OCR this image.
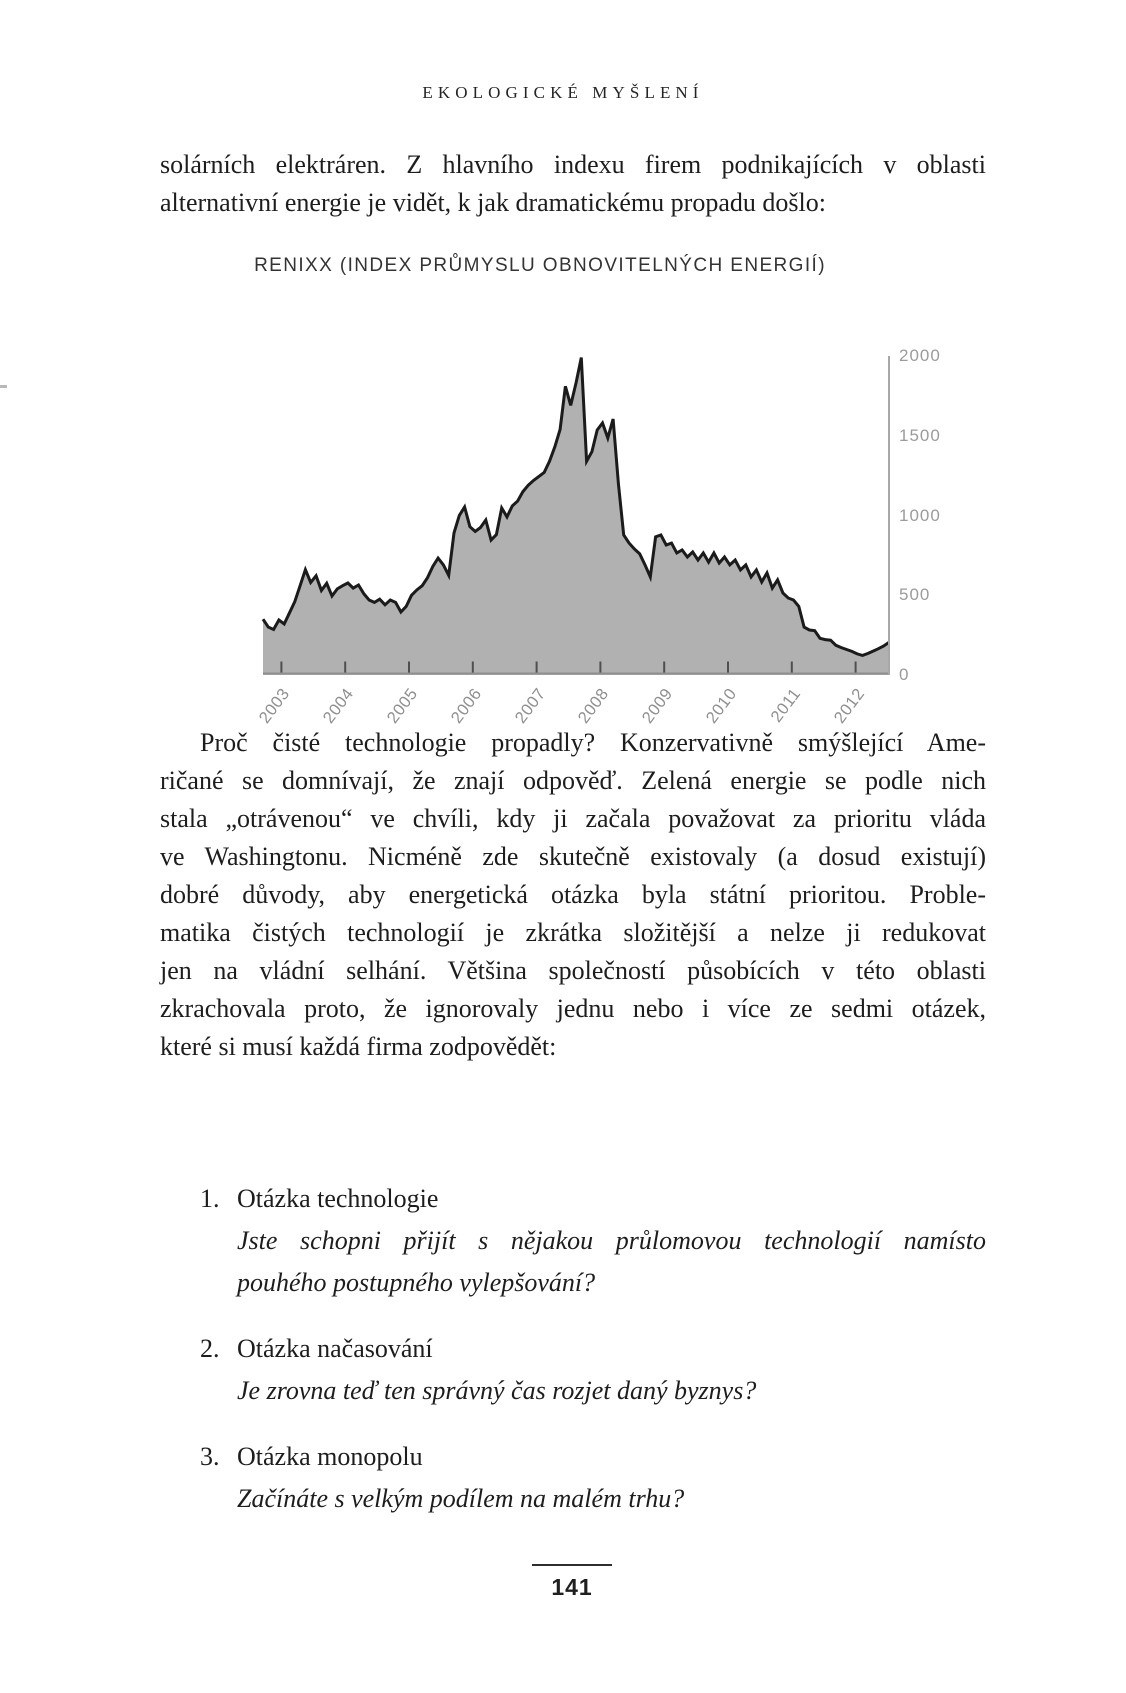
EKOLOGICKÉ MYŠLENÍ
solárních elektráren. Z hlavního indexu firem podnikajících v oblasti
alternativní energie je vidět, k jak dramatickému propadu došlo:
RENIXX (INDEX PRŮMYSLU OBNOVITELNÝCH ENERGIÍ)
2000
1500
1000
500
0
2003	2004	2005	2006	2007	2008	2009	2010	2011	2012
Proč čisté technologie propadly? Konzervativně smýšlející Ame-
ričané se domnívají, že znají odpověď. Zelená energie se podle nich
stala „otrávenou“ ve chvíli, kdy ji začala považovat za prioritu vláda
ve Washingtonu. Nicméně zde skutečně existovaly (a dosud existují)
dobré důvody, aby energetická otázka byla státní prioritou. Proble-
matika čistých technologií je zkrátka složitější a nelze ji redukovat
jen na vládní selhání. Většina společností působících v této oblasti
zkrachovala proto, že ignorovaly jednu nebo i více ze sedmi otázek,
které si musí každá firma zodpovědět:
1. Otázka technologie
Jste schopni přijít s nějakou průlomovou technologií namísto
pouhého postupného vylepšování?
2. Otázka načasování
Je zrovna teď ten správný čas rozjet daný byznys?
3. Otázka monopolu
Začínáte s velkým podílem na malém trhu?
141
